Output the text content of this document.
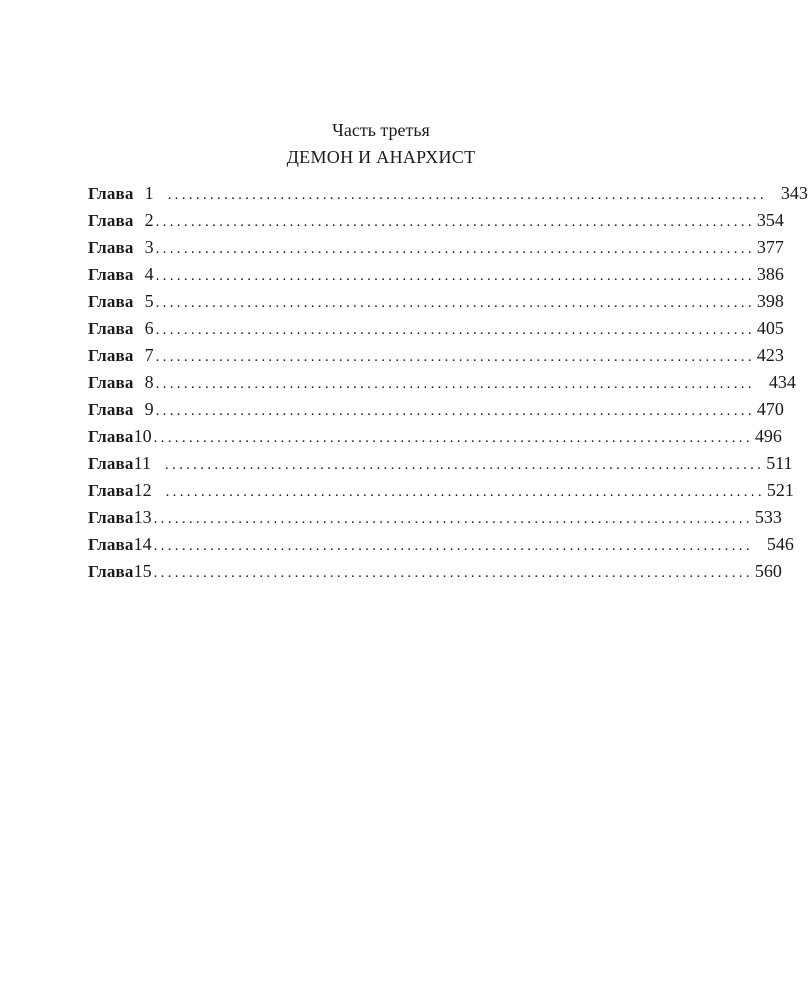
Часть третья
ДЕМОН И АНАРХИСТ
Глава 1 ..................................................................................... 343
Глава 2 ..................................................................................... 354
Глава 3 ..................................................................................... 377
Глава 4 ..................................................................................... 386
Глава 5 ..................................................................................... 398
Глава 6 ..................................................................................... 405
Глава 7 ..................................................................................... 423
Глава 8 ..................................................................................... 434
Глава 9 ..................................................................................... 470
Глава 10 ..................................................................................... 496
Глава 11 ..................................................................................... 511
Глава 12 ..................................................................................... 521
Глава 13 ..................................................................................... 533
Глава 14 ..................................................................................... 546
Глава 15 ..................................................................................... 560
